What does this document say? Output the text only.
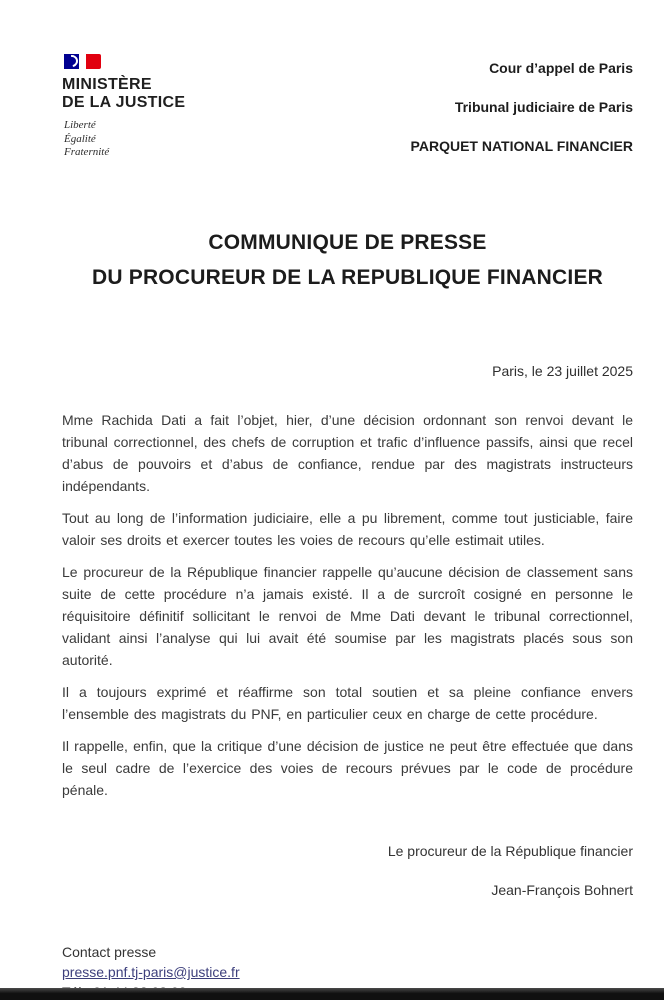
MINISTÈRE
DE LA JUSTICE
Liberté
Égalité
Fraternité
Cour d’appel de Paris
Tribunal judiciaire de Paris
PARQUET NATIONAL FINANCIER
COMMUNIQUE DE PRESSE
DU PROCUREUR DE LA REPUBLIQUE FINANCIER
Paris, le 23 juillet 2025

Mme Rachida Dati a fait l’objet, hier, d’une décision ordonnant son renvoi devant le tribunal correctionnel, des chefs de corruption et trafic d’influence passifs, ainsi que recel d’abus de pouvoirs et d’abus de confiance, rendue par des magistrats instructeurs indépendants.

Tout au long de l’information judiciaire, elle a pu librement, comme tout justiciable, faire valoir ses droits et exercer toutes les voies de recours qu’elle estimait utiles.

Le procureur de la République financier rappelle qu’aucune décision de classement sans suite de cette procédure n’a jamais existé. Il a de surcroît cosigné en personne le réquisitoire définitif sollicitant le renvoi de Mme Dati devant le tribunal correctionnel, validant ainsi l’analyse qui lui avait été soumise par les magistrats placés sous son autorité.

Il a toujours exprimé et réaffirme son total soutien et sa pleine confiance envers l’ensemble des magistrats du PNF, en particulier ceux en charge de cette procédure.

Il rappelle, enfin, que la critique d’une décision de justice ne peut être effectuée que dans le seul cadre de l’exercice des voies de recours prévues par le code de procédure pénale.

Le procureur de la République financier
Jean-François Bohnert
Contact presse
presse.pnf.tj-paris@justice.fr
